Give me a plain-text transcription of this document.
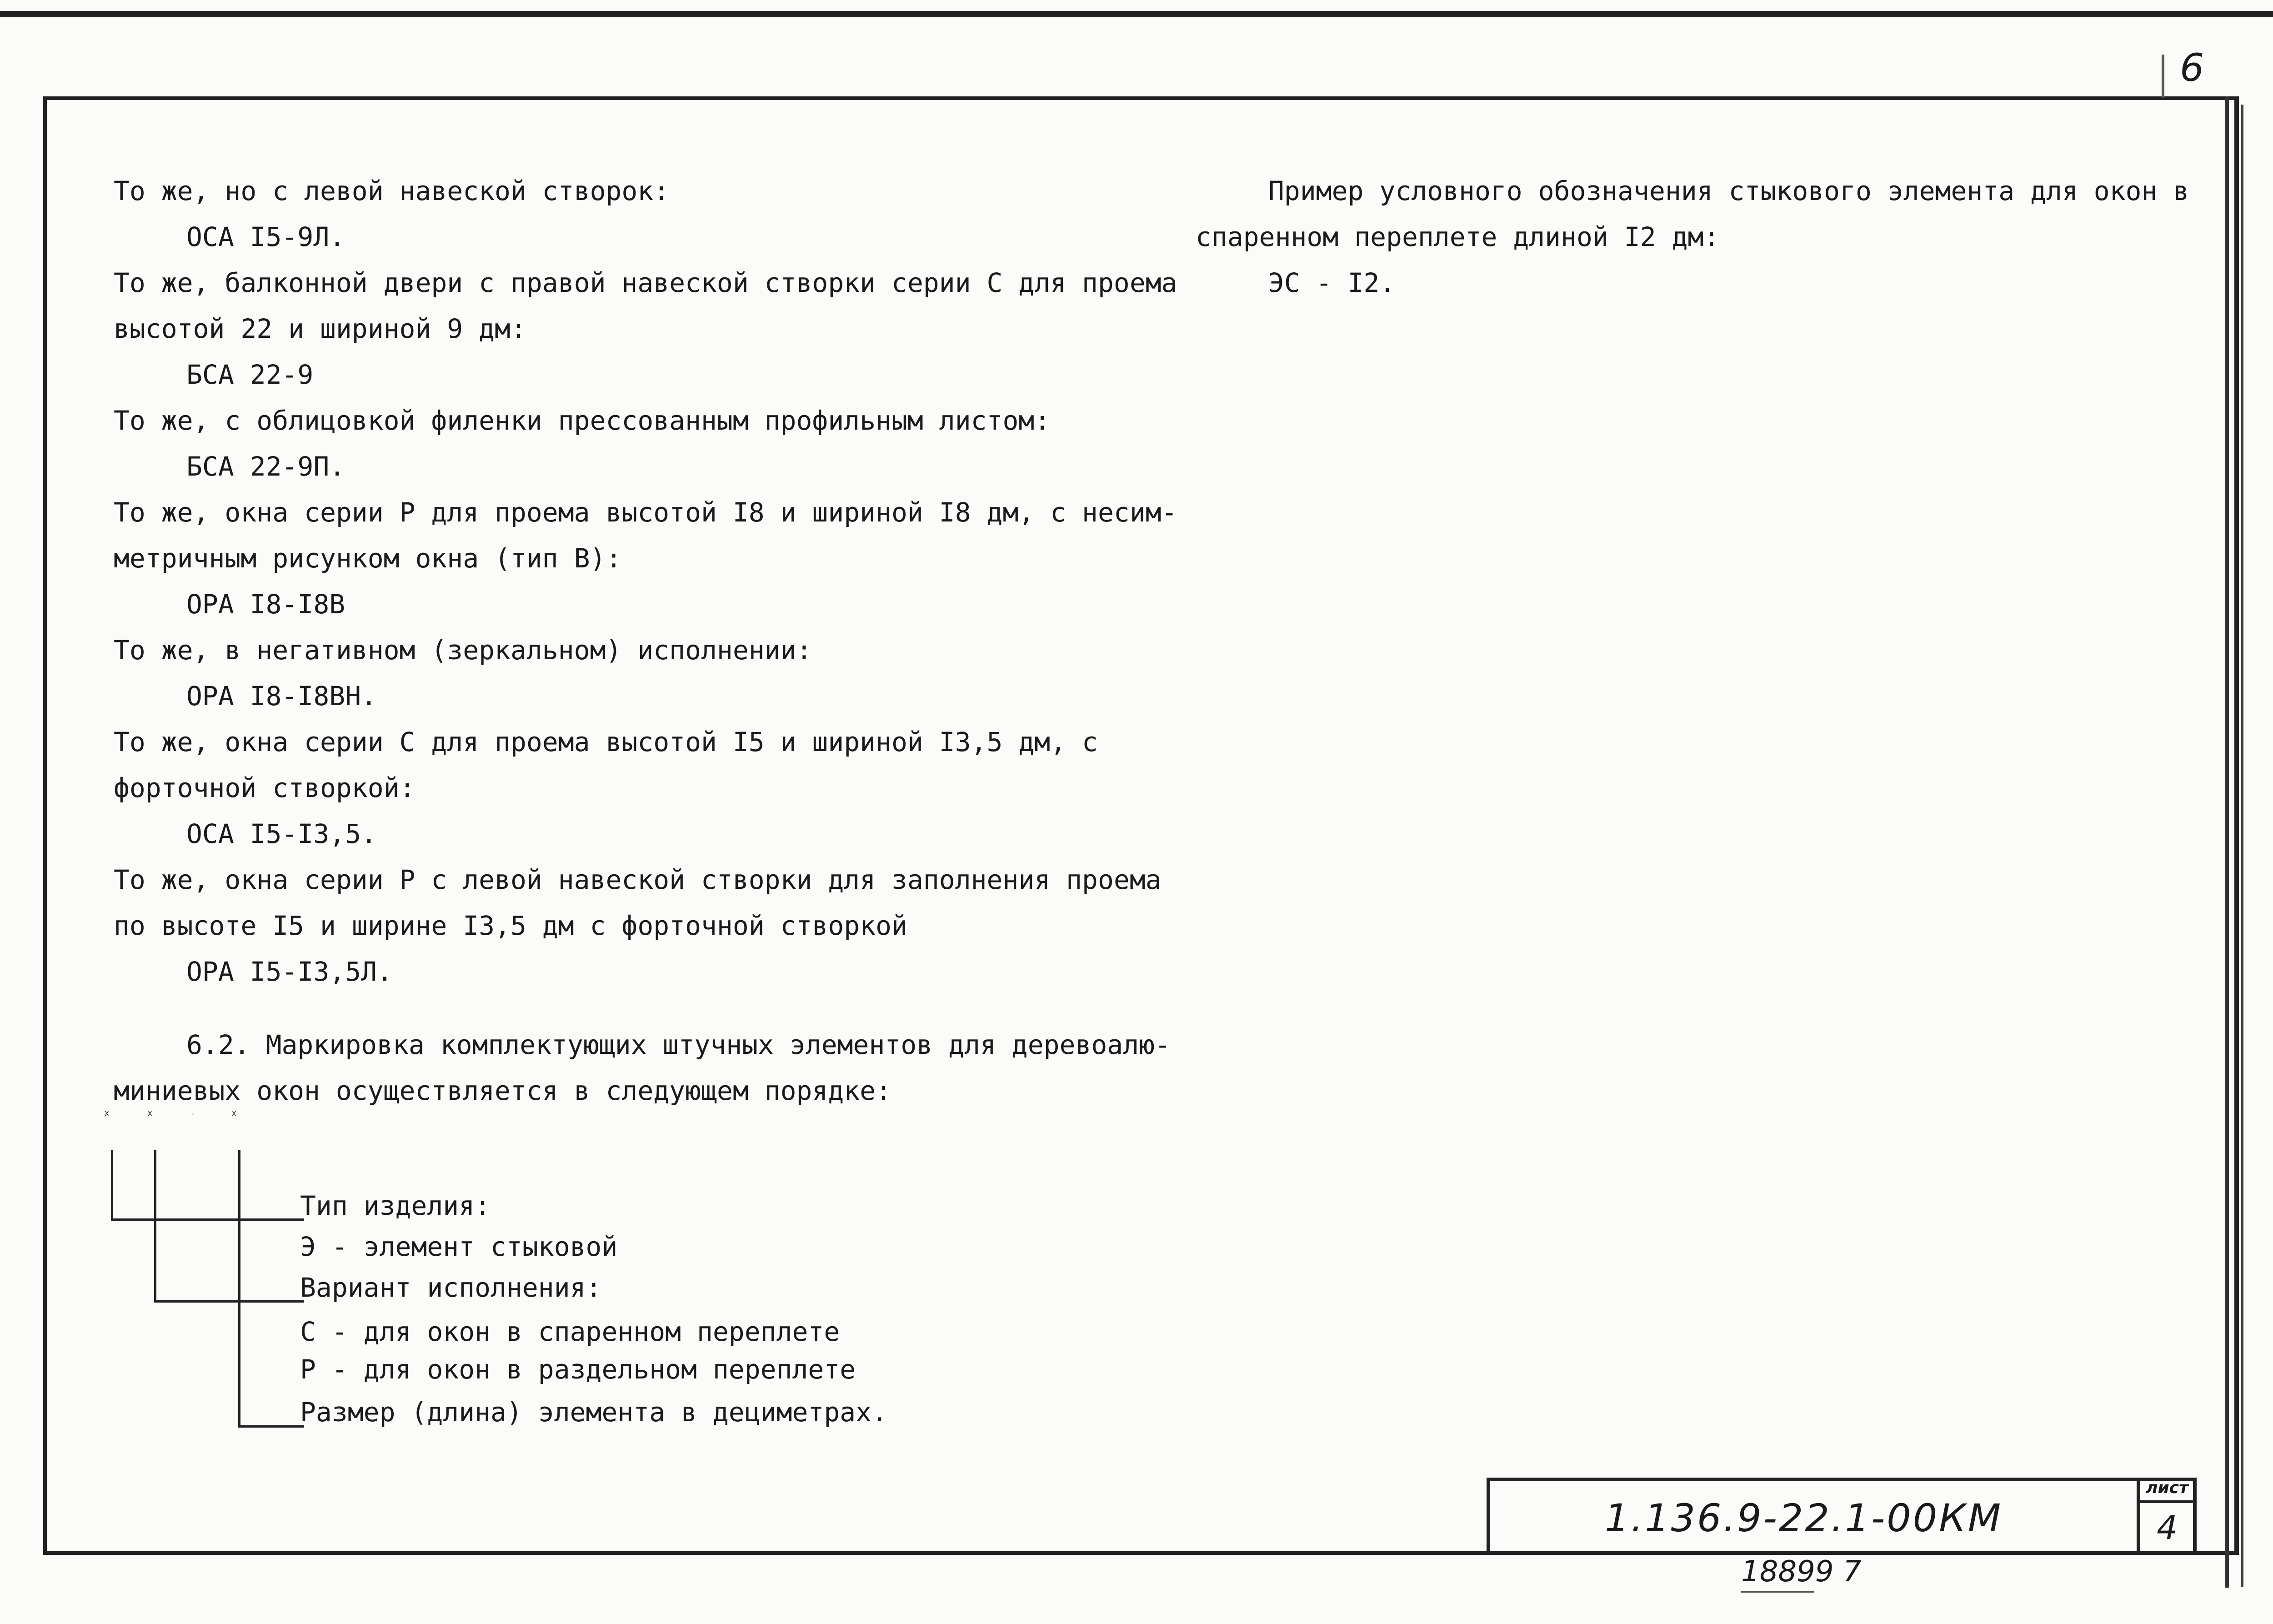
6
То же, но с левой навеской створок:
ОСА I5-9Л.
То же, балконной двери с правой навеской створки серии С для проема
высотой 22 и шириной 9 дм:
БСА 22-9
То же, с облицовкой филенки прессованным профильным листом:
БСА 22-9П.
То же, окна серии Р для проема высотой I8 и шириной I8 дм, с несим-
метричным рисунком окна (тип В):
ОРА I8-I8В
То же, в негативном (зеркальном) исполнении:
ОРА I8-I8ВН.
То же, окна серии С для проема высотой I5 и шириной I3,5 дм, с
форточной створкой:
ОСА I5-I3,5.
То же, окна серии Р с левой навеской створки для заполнения проема
по высоте I5 и ширине I3,5 дм с форточной створкой
ОРА I5-I3,5Л.
6.2. Маркировка комплектующих штучных элементов для деревоалю-
миниевых окон осуществляется в следующем порядке:
Х	Х	-	Х
Тип изделия:
Э - элемент стыковой
Вариант исполнения:
С - для окон в спаренном переплете
Р - для окон в раздельном переплете
Размер (длина) элемента в дециметрах.
Пример условного обозначения стыкового элемента для окон в
спаренном переплете длиной I2 дм:
ЭС - I2.
1.136.9-22.1-00КМ
лист
4
18899 7
